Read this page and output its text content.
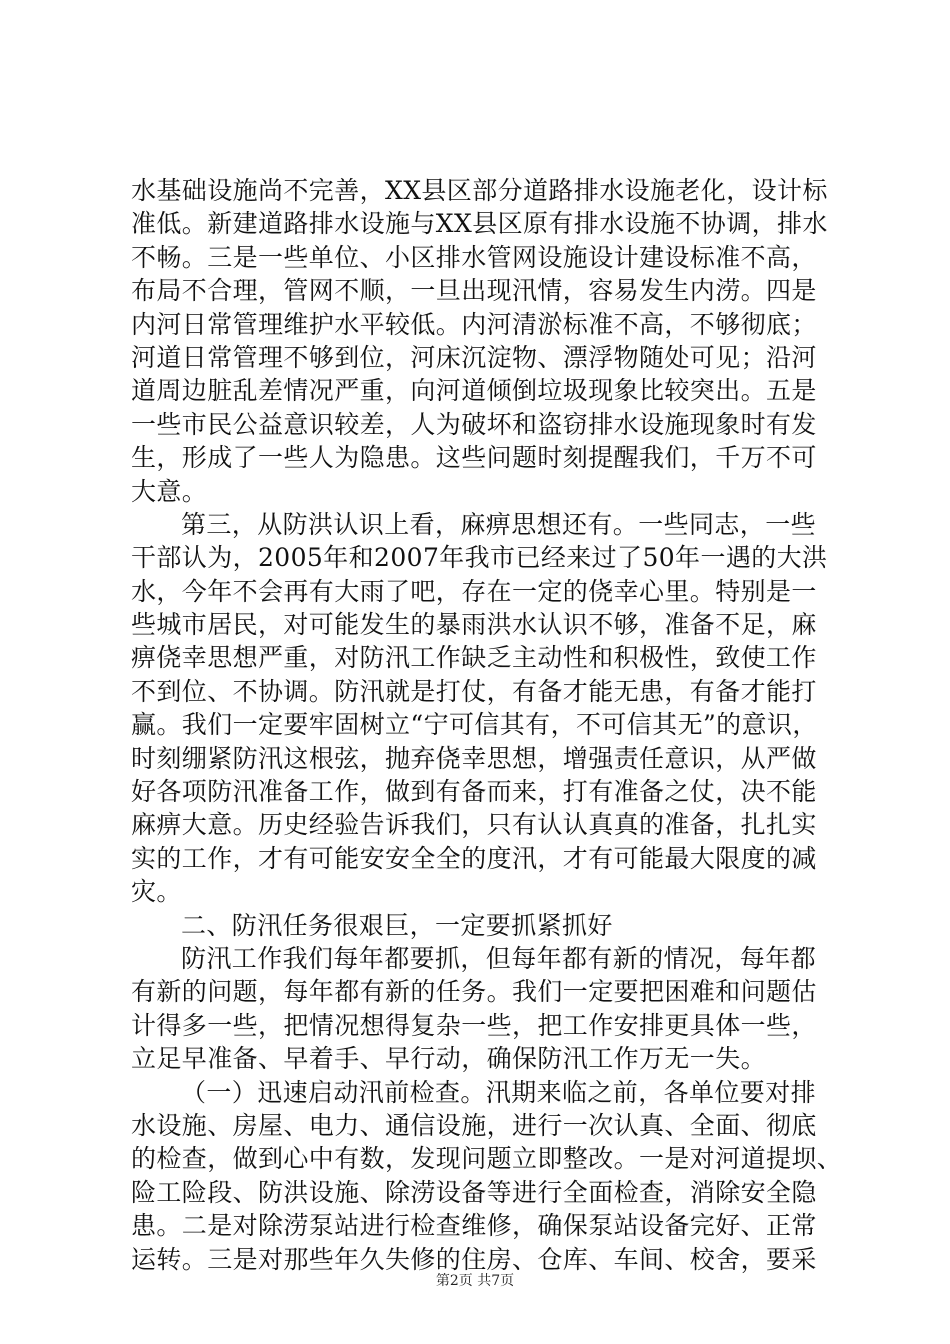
水基础设施尚不完善，XX县区部分道路排水设施老化，设计标
准低。新建道路排水设施与XX县区原有排水设施不协调，排水
不畅。三是一些单位、小区排水管网设施设计建设标准不高，
布局不合理，管网不顺，一旦出现汛情，容易发生内涝。四是
内河日常管理维护水平较低。内河清淤标准不高，不够彻底；
河道日常管理不够到位，河床沉淀物、漂浮物随处可见；沿河
道周边脏乱差情况严重，向河道倾倒垃圾现象比较突出。五是
一些市民公益意识较差，人为破坏和盗窃排水设施现象时有发
生，形成了一些人为隐患。这些问题时刻提醒我们，千万不可
大意。
第三，从防洪认识上看，麻痹思想还有。一些同志，一些
干部认为，2005年和2007年我市已经来过了50年一遇的大洪
水，今年不会再有大雨了吧，存在一定的侥幸心里。特别是一
些城市居民，对可能发生的暴雨洪水认识不够，准备不足，麻
痹侥幸思想严重，对防汛工作缺乏主动性和积极性，致使工作
不到位、不协调。防汛就是打仗，有备才能无患，有备才能打
赢。我们一定要牢固树立“宁可信其有，不可信其无”的意识，
时刻绷紧防汛这根弦，抛弃侥幸思想，增强责任意识，从严做
好各项防汛准备工作，做到有备而来，打有准备之仗，决不能
麻痹大意。历史经验告诉我们，只有认认真真的准备，扎扎实
实的工作，才有可能安安全全的度汛，才有可能最大限度的减
灾。
二、防汛任务很艰巨，一定要抓紧抓好
防汛工作我们每年都要抓，但每年都有新的情况，每年都
有新的问题，每年都有新的任务。我们一定要把困难和问题估
计得多一些，把情况想得复杂一些，把工作安排更具体一些，
立足早准备、早着手、早行动，确保防汛工作万无一失。
（一）迅速启动汛前检查。汛期来临之前，各单位要对排
水设施、房屋、电力、通信设施，进行一次认真、全面、彻底
的检查，做到心中有数，发现问题立即整改。一是对河道提坝、
险工险段、防洪设施、除涝设备等进行全面检查，消除安全隐
患。二是对除涝泵站进行检查维修，确保泵站设备完好、正常
运转。三是对那些年久失修的住房、仓库、车间、校舍，要采
第2页 共7页
